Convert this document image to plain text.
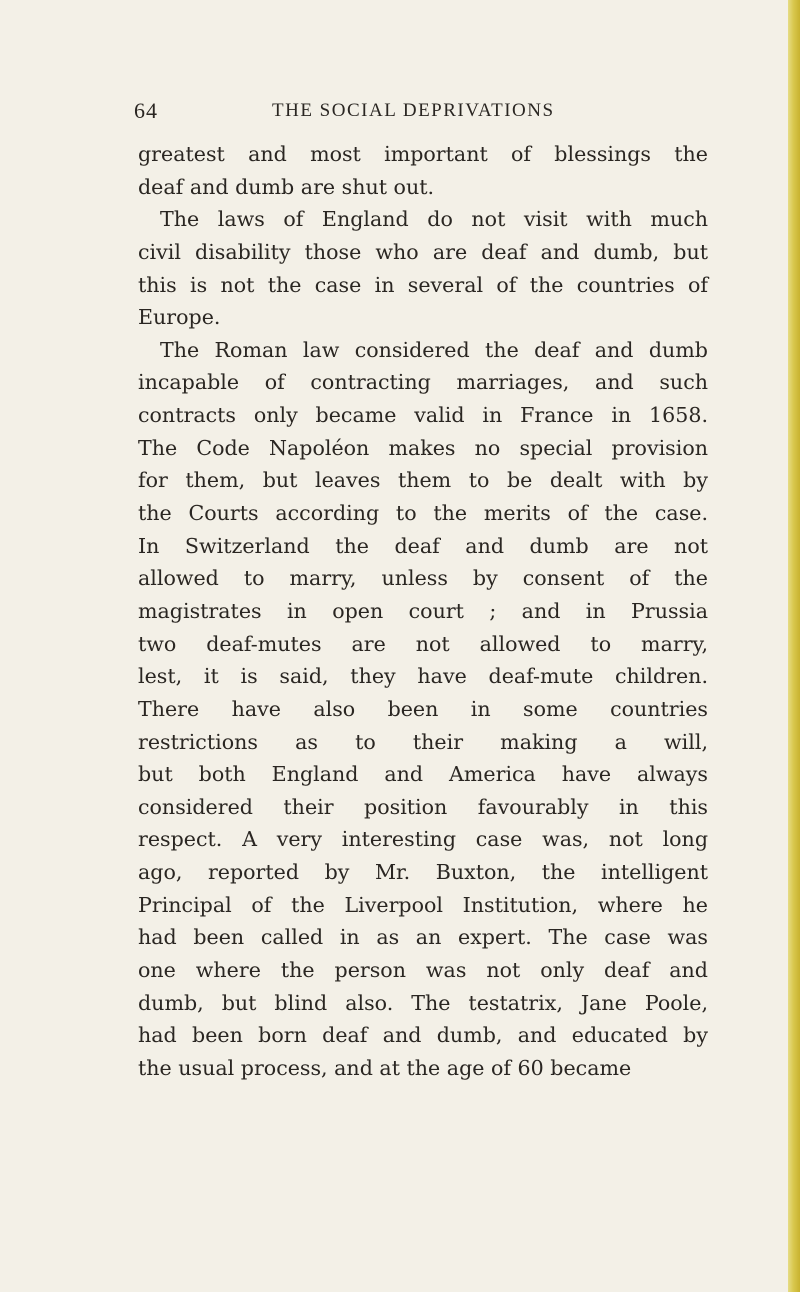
64	THE SOCIAL DEPRIVATIONS
greatest and most important of blessings the
deaf and dumb are shut out.
The laws of England do not visit with much
civil disability those who are deaf and dumb, but
this is not the case in several of the countries of
Europe.
The Roman law considered the deaf and dumb
incapable of contracting marriages, and such
contracts only became valid in France in 1658.
The Code Napoléon makes no special provision
for them, but leaves them to be dealt with by
the Courts according to the merits of the case.
In Switzerland the deaf and dumb are not
allowed to marry, unless by consent of the
magistrates in open court ; and in Prussia
two deaf-mutes are not allowed to marry,
lest, it is said, they have deaf-mute children.
There have also been in some countries
restrictions as to their making a will,
but both England and America have always
considered their position favourably in this
respect. A very interesting case was, not long
ago, reported by Mr. Buxton, the intelligent
Principal of the Liverpool Institution, where he
had been called in as an expert. The case was
one where the person was not only deaf and
dumb, but blind also. The testatrix, Jane Poole,
had been born deaf and dumb, and educated by
the usual process, and at the age of 60 became
